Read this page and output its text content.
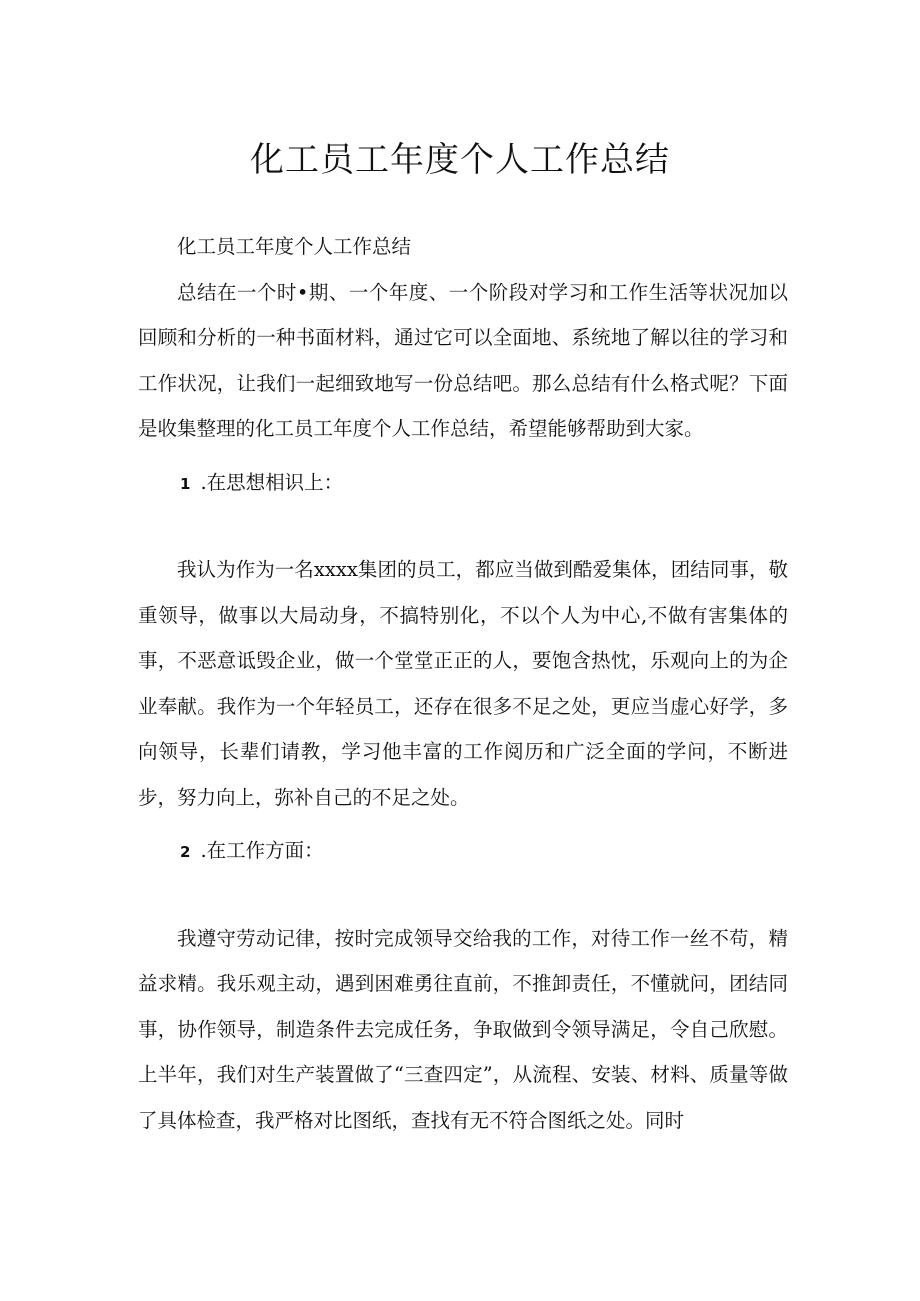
化工员工年度个人工作总结

化工员工年度个人工作总结

总结在一个时•期、一个年度、一个阶段对学习和工作生活等状况加以回顾和分析的一种书面材料，通过它可以全面地、系统地了解以往的学习和工作状况，让我们一起细致地写一份总结吧。那么总结有什么格式呢？下面是收集整理的化工员工年度个人工作总结，希望能够帮助到大家。

1 .在思想相识上：

我认为作为一名xxxx集团的员工，都应当做到酷爱集体，团结同事，敬重领导，做事以大局动身，不搞特别化，不以个人为中心,不做有害集体的事，不恶意诋毁企业，做一个堂堂正正的人，要饱含热忱，乐观向上的为企业奉献。我作为一个年轻员工，还存在很多不足之处，更应当虚心好学，多向领导，长辈们请教，学习他丰富的工作阅历和广泛全面的学问，不断进步，努力向上，弥补自己的不足之处。

2 .在工作方面：

我遵守劳动记律，按时完成领导交给我的工作，对待工作一丝不苟，精益求精。我乐观主动，遇到困难勇往直前，不推卸责任，不懂就问，团结同事，协作领导，制造条件去完成任务，争取做到令领导满足，令自己欣慰。上半年，我们对生产装置做了“三查四定”，从流程、安装、材料、质量等做了具体检查，我严格对比图纸，查找有无不符合图纸之处。同时
